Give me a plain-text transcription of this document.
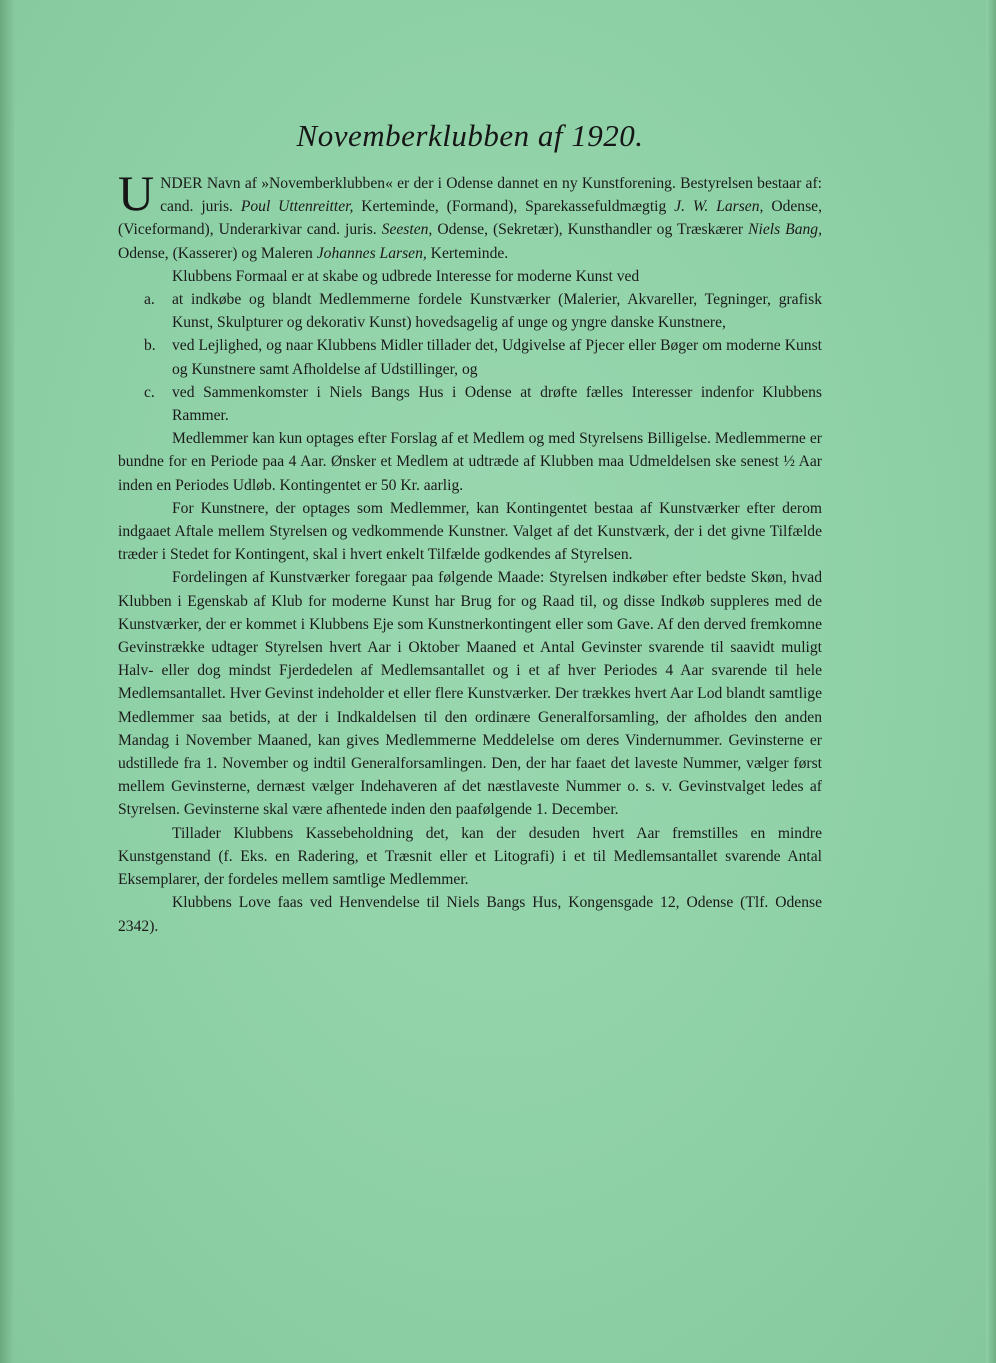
Novemberklubben af 1920.

UNDER Navn af »Novemberklubben« er der i Odense dannet en ny Kunstforening. Bestyrelsen bestaar af: cand. juris. Poul Uttenreitter, Kerteminde, (Formand), Sparekassefuldmægtig J. W. Larsen, Odense, (Viceformand), Underarkivar cand. juris. Seesten, Odense, (Sekretær), Kunsthandler og Træskærer Niels Bang, Odense, (Kasserer) og Maleren Johannes Larsen, Kerteminde.

Klubbens Formaal er at skabe og udbrede Interesse for moderne Kunst ved

a.	at indkøbe og blandt Medlemmerne fordele Kunstværker (Malerier, Akvareller, Tegninger, grafisk Kunst, Skulpturer og dekorativ Kunst) hovedsagelig af unge og yngre danske Kunstnere,
b.	ved Lejlighed, og naar Klubbens Midler tillader det, Udgivelse af Pjecer eller Bøger om moderne Kunst og Kunstnere samt Afholdelse af Udstillinger, og
c.	ved Sammenkomster i Niels Bangs Hus i Odense at drøfte fælles Interesser indenfor Klubbens Rammer.

Medlemmer kan kun optages efter Forslag af et Medlem og med Styrelsens Billigelse. Medlemmerne er bundne for en Periode paa 4 Aar. Ønsker et Medlem at udtræde af Klubben maa Udmeldelsen ske senest ½ Aar inden en Periodes Udløb. Kontingentet er 50 Kr. aarlig.

For Kunstnere, der optages som Medlemmer, kan Kontingentet bestaa af Kunstværker efter derom indgaaet Aftale mellem Styrelsen og vedkommende Kunstner. Valget af det Kunstværk, der i det givne Tilfælde træder i Stedet for Kontingent, skal i hvert enkelt Tilfælde godkendes af Styrelsen.

Fordelingen af Kunstværker foregaar paa følgende Maade: Styrelsen indkøber efter bedste Skøn, hvad Klubben i Egenskab af Klub for moderne Kunst har Brug for og Raad til, og disse Indkøb suppleres med de Kunstværker, der er kommet i Klubbens Eje som Kunstnerkontingent eller som Gave. Af den derved fremkomne Gevinstrække udtager Styrelsen hvert Aar i Oktober Maaned et Antal Gevinster svarende til saavidt muligt Halv- eller dog mindst Fjerdedelen af Medlemsantallet og i et af hver Periodes 4 Aar svarende til hele Medlemsantallet. Hver Gevinst indeholder et eller flere Kunstværker. Der trækkes hvert Aar Lod blandt samtlige Medlemmer saa betids, at der i Indkaldelsen til den ordinære Generalforsamling, der afholdes den anden Mandag i November Maaned, kan gives Medlemmerne Meddelelse om deres Vindernummer. Gevinsterne er udstillede fra 1. November og indtil Generalforsamlingen. Den, der har faaet det laveste Nummer, vælger først mellem Gevinsterne, dernæst vælger Indehaveren af det næstlaveste Nummer o. s. v. Gevinstvalget ledes af Styrelsen. Gevinsterne skal være afhentede inden den paafølgende 1. December.

Tillader Klubbens Kassebeholdning det, kan der desuden hvert Aar fremstilles en mindre Kunstgenstand (f. Eks. en Radering, et Træsnit eller et Litografi) i et til Medlemsantallet svarende Antal Eksemplarer, der fordeles mellem samtlige Medlemmer.

Klubbens Love faas ved Henvendelse til Niels Bangs Hus, Kongensgade 12, Odense (Tlf. Odense 2342).
